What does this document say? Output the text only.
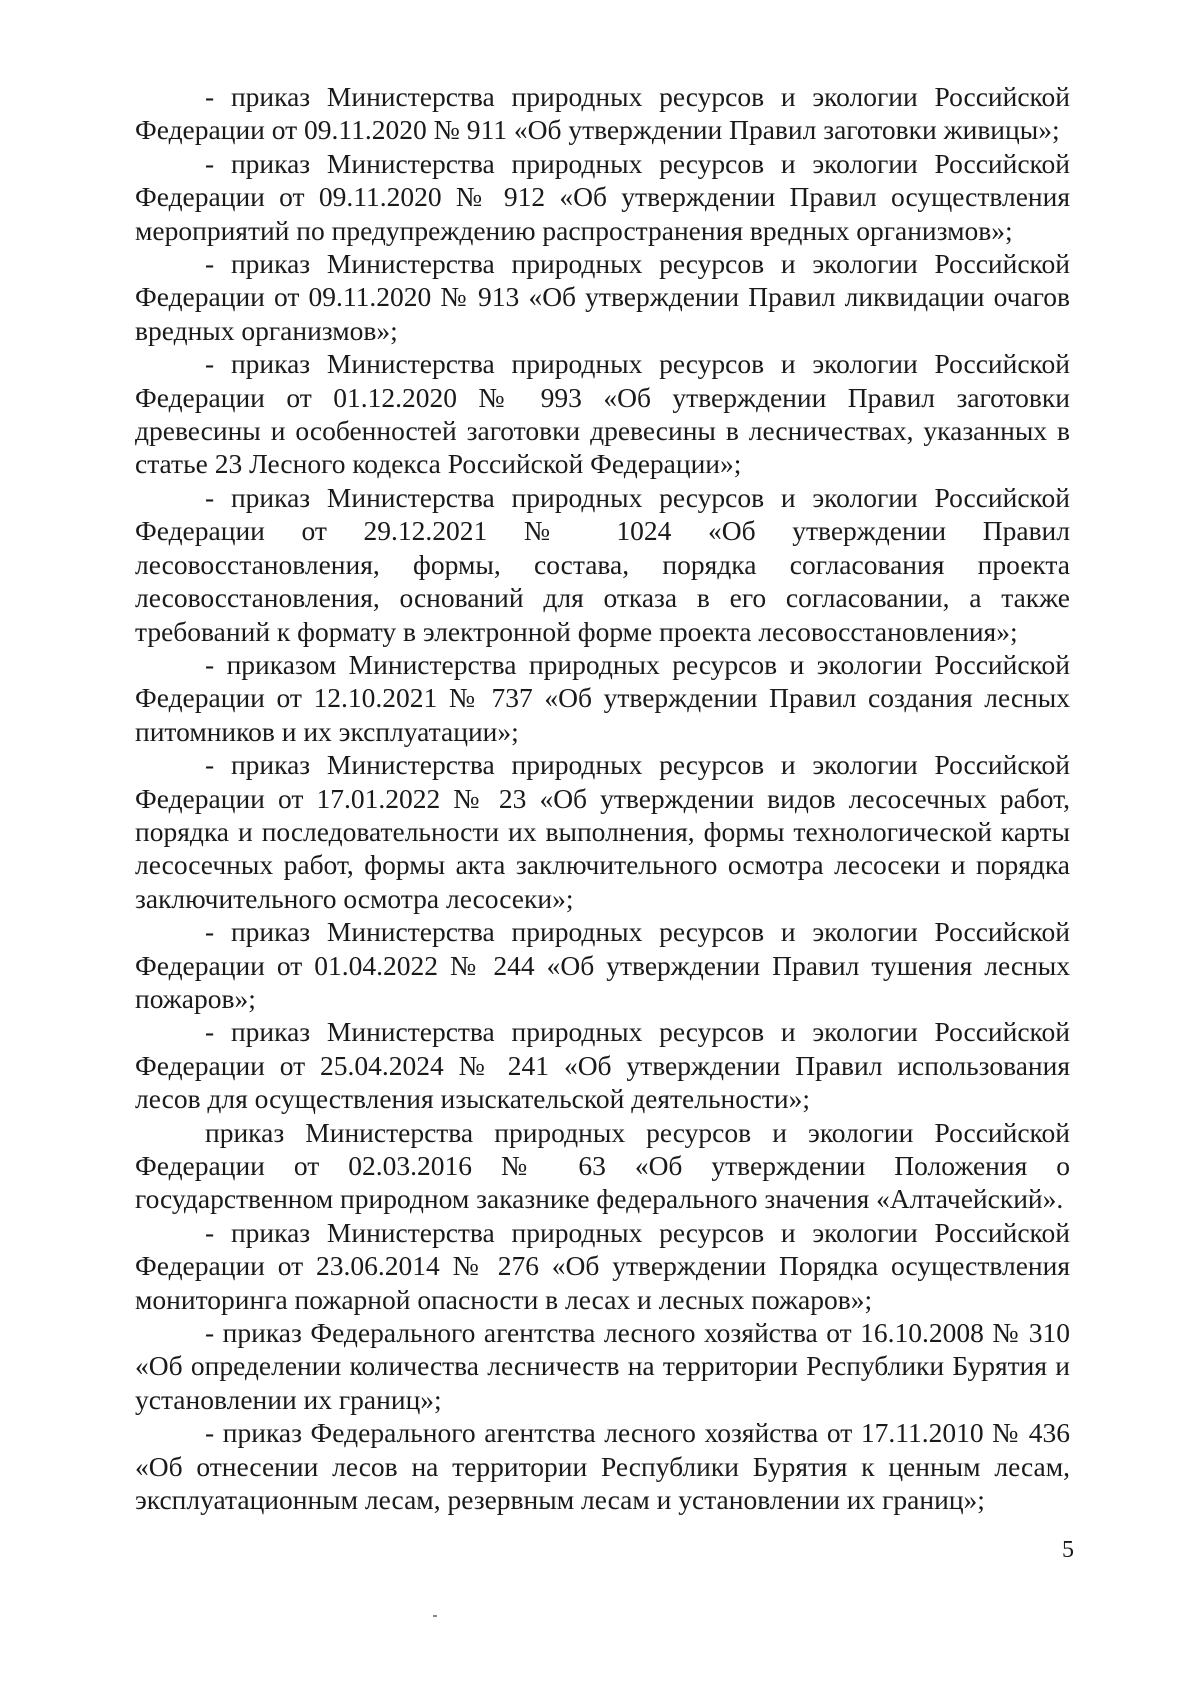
- приказ Министерства природных ресурсов и экологии Российской Федерации от 09.11.2020 № 911 «Об утверждении Правил заготовки живицы»;

- приказ Министерства природных ресурсов и экологии Российской Федерации от 09.11.2020 № 912 «Об утверждении Правил осуществления мероприятий по предупреждению распространения вредных организмов»;

- приказ Министерства природных ресурсов и экологии Российской Федерации от 09.11.2020 № 913 «Об утверждении Правил ликвидации очагов вредных организмов»;

- приказ Министерства природных ресурсов и экологии Российской Федерации от 01.12.2020 № 993 «Об утверждении Правил заготовки древесины и особенностей заготовки древесины в лесничествах, указанных в статье 23 Лесного кодекса Российской Федерации»;

- приказ Министерства природных ресурсов и экологии Российской Федерации от 29.12.2021 № 1024 «Об утверждении Правил лесовосстановления, формы, состава, порядка согласования проекта лесовосстановления, оснований для отказа в его согласовании, а также требований к формату в электронной форме проекта лесовосстановления»;

- приказом Министерства природных ресурсов и экологии Российской Федерации от 12.10.2021 № 737 «Об утверждении Правил создания лесных питомников и их эксплуатации»;

- приказ Министерства природных ресурсов и экологии Российской Федерации от 17.01.2022 № 23 «Об утверждении видов лесосечных работ, порядка и последовательности их выполнения, формы технологической карты лесосечных работ, формы акта заключительного осмотра лесосеки и порядка заключительного осмотра лесосеки»;

- приказ Министерства природных ресурсов и экологии Российской Федерации от 01.04.2022 № 244 «Об утверждении Правил тушения лесных пожаров»;

- приказ Министерства природных ресурсов и экологии Российской Федерации от 25.04.2024 № 241 «Об утверждении Правил использования лесов для осуществления изыскательской деятельности»;

приказ Министерства природных ресурсов и экологии Российской Федерации от 02.03.2016 № 63 «Об утверждении Положения о государственном природном заказнике федерального значения «Алтачейский».

- приказ Министерства природных ресурсов и экологии Российской Федерации от 23.06.2014 № 276 «Об утверждении Порядка осуществления мониторинга пожарной опасности в лесах и лесных пожаров»;

- приказ Федерального агентства лесного хозяйства от 16.10.2008 № 310 «Об определении количества лесничеств на территории Республики Бурятия и установлении их границ»;

- приказ Федерального агентства лесного хозяйства от 17.11.2010 № 436 «Об отнесении лесов на территории Республики Бурятия к ценным лесам, эксплуатационным лесам, резервным лесам и установлении их границ»;

5
